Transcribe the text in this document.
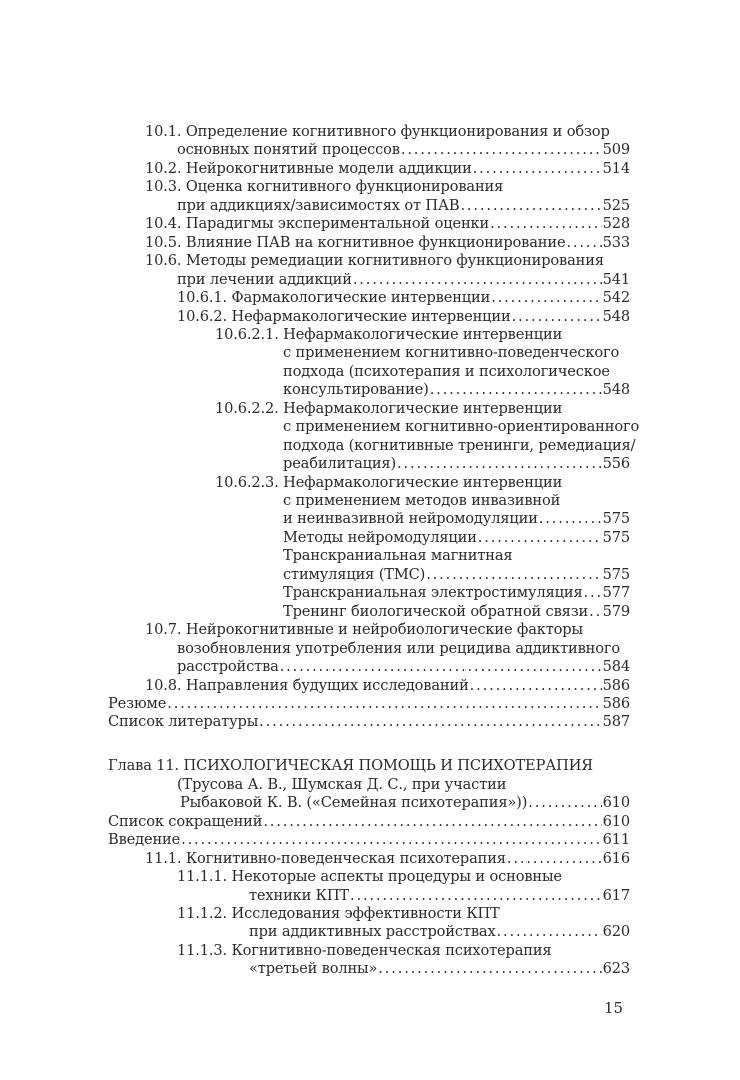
10.1. Определение когнитивного функционирования и обзор
основных понятий процессов . . .	509
10.2. Нейрокогнитивные модели аддикции . . .	514
10.3. Оценка когнитивного функционирования
при аддикциях/зависимостях от ПАВ . . .	525
10.4. Парадигмы экспериментальной оценки . . .	528
10.5. Влияние ПАВ на когнитивное функционирование . . .	533
10.6. Методы ремедиации когнитивного функционирования
при лечении аддикций . . .	541
10.6.1. Фармакологические интервенции . . .	542
10.6.2. Нефармакологические интервенции . . .	548
10.6.2.1. Нефармакологические интервенции
с применением когнитивно-поведенческого
подхода (психотерапия и психологическое
консультирование) . . .	548
10.6.2.2. Нефармакологические интервенции
с применением когнитивно-ориентированного
подхода (когнитивные тренинги, ремедиация/
реабилитация) . . .	556
10.6.2.3. Нефармакологические интервенции
с применением методов инвазивной
и неинвазивной нейромодуляции . . .	575
Методы нейромодуляции . . .	575
Транскраниальная магнитная
стимуляция (ТМС) . . .	575
Транскраниальная электростимуляция . . . 577
Тренинг биологической обратной связи . . . 579
10.7. Нейрокогнитивные и нейробиологические факторы
возобновления употребления или рецидива аддиктивного
расстройства . . .	584
10.8. Направления будущих исследований . . .	586
Резюме . . .	586
Список литературы . . .	587
Глава 11. ПСИХОЛОГИЧЕСКАЯ ПОМОЩЬ И ПСИХОТЕРАПИЯ
(Трусова А. В., Шумская Д. С., при участии
Рыбаковой К. В. («Семейная психотерапия»)) . . .	610
Список сокращений . . .	610
Введение . . .	611
11.1. Когнитивно-поведенческая психотерапия . . .	616
11.1.1. Некоторые аспекты процедуры и основные
техники КПТ . . .	617
11.1.2. Исследования эффективности КПТ
при аддиктивных расстройствах . . .	620
11.1.3. Когнитивно-поведенческая психотерапия
«третьей волны» . . .	623
15
